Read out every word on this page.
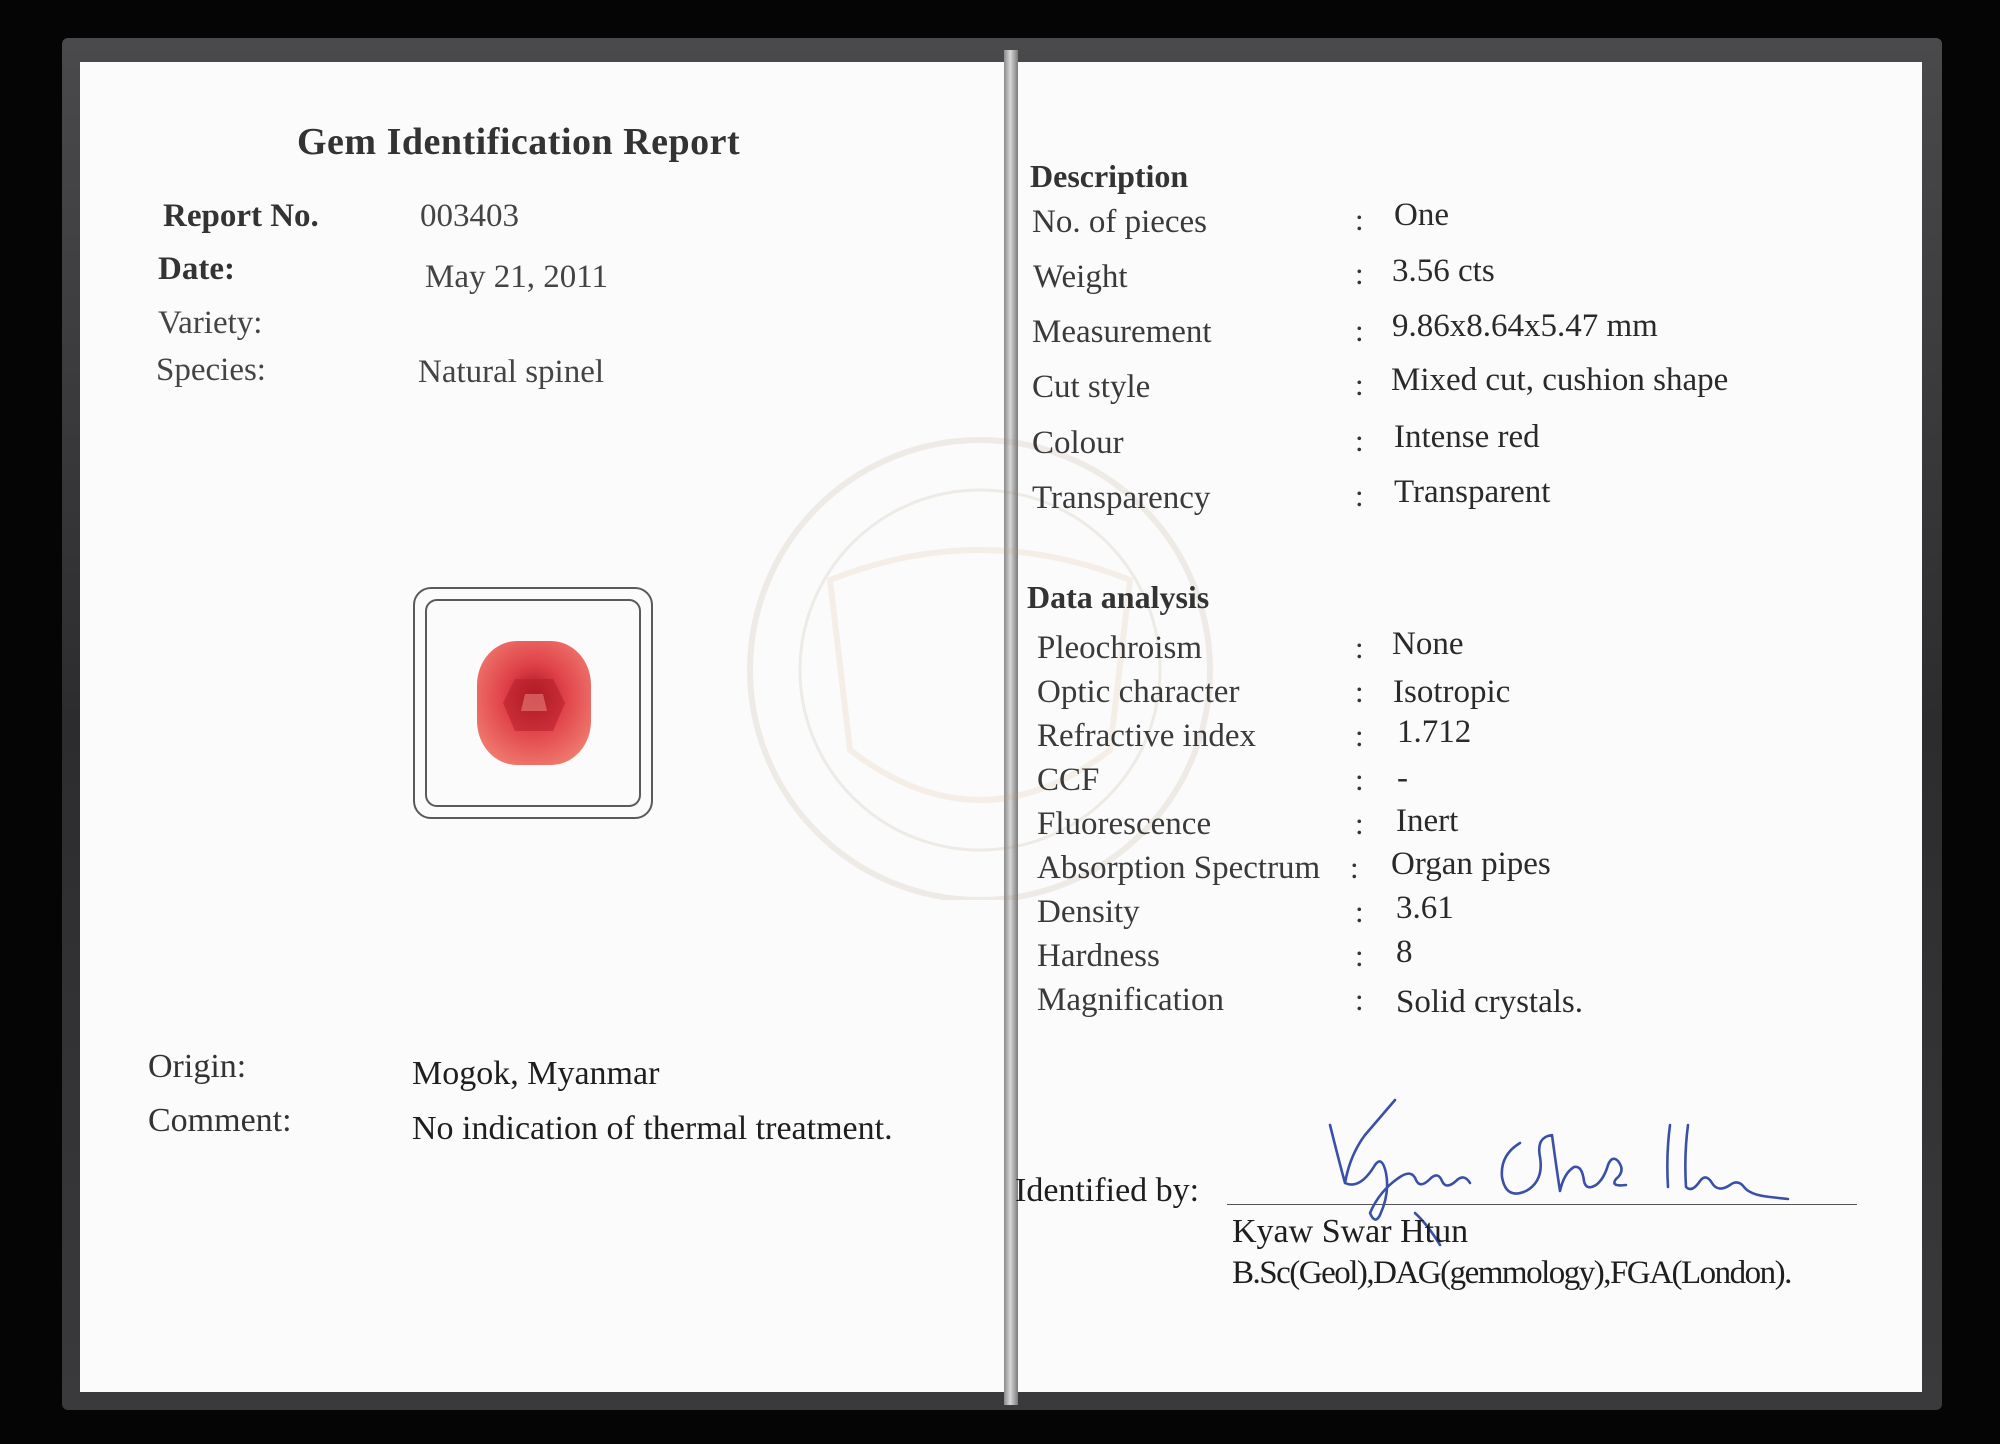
Gem Identification Report
Report No.	003403
Date:	May 21, 2011
Variety:
Species:	Natural spinel
Origin:	Mogok, Myanmar
Comment:	No indication of thermal treatment.
Description
No. of pieces	: One
Weight	: 3.56 cts
Measurement	: 9.86x8.64x5.47 mm
Cut style	: Mixed cut, cushion shape
Colour	: Intense red
Transparency	: Transparent
Data analysis
Pleochroism	: None
Optic character	: Isotropic
Refractive index	: 1.712
CCF	: -
Fluorescence	: Inert
Absorption Spectrum : Organ pipes
Density	: 3.61
Hardness	: 8
Magnification	: Solid crystals.
Identified by:
Kyaw Swar Htun
B.Sc(Geol),DAG(gemmology),FGA(London).
